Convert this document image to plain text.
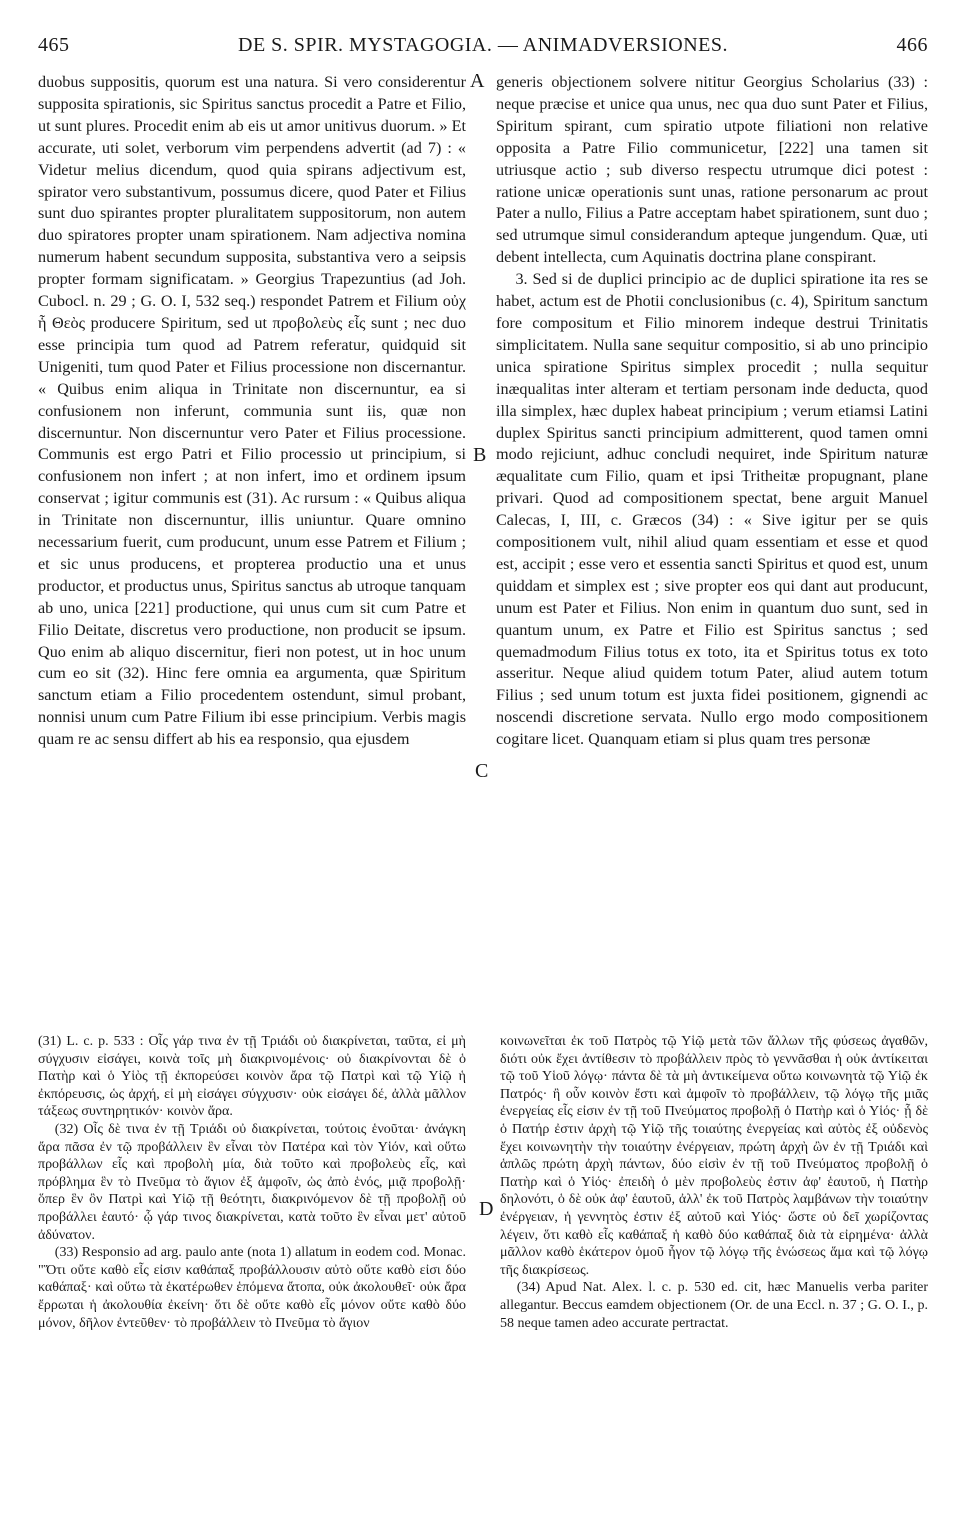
465	DE S. SPIR. MYSTAGOGIA. — ANIMADVERSIONES.	466

duobus suppositis, quorum est una natura. Si vero considerentur supposita spirationis, sic Spiritus sanctus procedit a Patre et Filio, ut sunt plures. Procedit enim ab eis ut amor unitivus duorum. » Et accurate, uti solet, verborum vim perpendens advertit (ad 7) : « Videtur melius dicendum, quod quia spirans adjectivum est, spirator vero substantivum, possumus dicere, quod Pater et Filius sunt duo spirantes propter pluralitatem suppositorum, non autem duo spiratores propter unam spirationem. Nam adjectiva nomina numerum habent secundum supposita, substantiva vero a seipsis propter formam significatam. » Georgius Trapezuntius (ad Joh. Cubocl. n. 29 ; G. O. I, 532 seq.) respondet Patrem et Filium οὐχ ἧ Θεὸς producere Spiritum, sed ut προβολεὺς εἷς sunt ; nec duo esse principia tum quod ad Patrem referatur, quidquid sit Unigeniti, tum quod Pater et Filius processione non discernantur. « Quibus enim aliqua in Trinitate non discernuntur, ea si confusionem non inferunt, communia sunt iis, quæ non discernuntur. Non discernuntur vero Pater et Filius processione. Communis est ergo Patri et Filio processio ut principium, si confusionem non infert ; at non infert, imo et ordinem ipsum conservat ; igitur communis est (31). Ac rursum : « Quibus aliqua in Trinitate non discernuntur, illis uniuntur. Quare omnino necessarium fuerit, cum producunt, unum esse Patrem et Filium ; et sic unus producens, et propterea productio una et unus productor, et productus unus, Spiritus sanctus ab utroque tanquam ab uno, unica [221] productione, qui unus cum sit cum Patre et Filio Deitate, discretus vero productione, non producit se ipsum. Quo enim ab aliquo discernitur, fieri non potest, ut in hoc unum cum eo sit (32). Hinc fere omnia ea argumenta, quæ Spiritum sanctum etiam a Filio procedentem ostendunt, simul probant, nonnisi unum cum Patre Filium ibi esse principium. Verbis magis quam re ac sensu differt ab his ea responsio, qua ejusdem

generis objectionem solvere nititur Georgius Scholarius (33) : neque præcise et unice qua unus, nec qua duo sunt Pater et Filius, Spiritum spirant, cum spiratio utpote filiationi non relative opposita a Patre Filio communicetur, [222] una tamen sit utriusque actio ; sub diverso respectu utrumque dici potest : ratione unicæ operationis sunt unas, ratione personarum ac prout Pater a nullo, Filius a Patre acceptam habet spirationem, sunt duo ; sed utrumque simul considerandum apteque jungendum. Quæ, uti debent intellecta, cum Aquinatis doctrina plane conspirant.

3. Sed si de duplici principio ac de duplici spiratione ita res se habet, actum est de Photii conclusionibus (c. 4), Spiritum sanctum fore compositum et Filio minorem indeque destrui Trinitatis simplicitatem. Nulla sane sequitur compositio, si ab uno principio unica spiratione Spiritus simplex procedit ; nulla sequitur inæqualitas inter alteram et tertiam personam inde deducta, quod illa simplex, hæc duplex habeat principium ; verum etiamsi Latini duplex Spiritus sancti principium admitterent, quod tamen omni modo rejiciunt, adhuc concludi nequiret, inde Spiritum naturæ æqualitate cum Filio, quam et ipsi Tritheitæ propugnant, plane privari. Quod ad compositionem spectat, bene arguit Manuel Calecas, I, III, c. Græcos (34) : « Sive igitur per se quis compositionem vult, nihil aliud quam essentiam et esse et quod est, accipit ; esse vero et essentia sancti Spiritus et quod est, unum quiddam et simplex est ; sive propter eos qui dant aut producunt, unum est Pater et Filius. Non enim in quantum duo sunt, sed in quantum unum, ex Patre et Filio est Spiritus sanctus ; sed quemadmodum Filius totus ex toto, ita et Spiritus totus ex toto asseritur. Neque aliud quidem totum Pater, aliud autem totum Filius ; sed unum totum est juxta fidei positionem, gignendi ac noscendi discretione servata. Nullo ergo modo compositionem cogitare licet. Quanquam etiam si plus quam tres personæ

A
B
C
D

(31) L. c. p. 533 : Οἷς γάρ τινα ἐν τῇ Τριάδι οὐ διακρίνεται, ταῦτα, εἰ μὴ σύγχυσιν εἰσάγει, κοινὰ τοῖς μὴ διακρινομένοις· οὐ διακρίνονται δὲ ὁ Πατὴρ καὶ ὁ Υἱὸς τῇ ἐκπορεύσει κοινὸν ἄρα τῷ Πατρὶ καὶ τῷ Υἱῷ ἡ ἐκπόρευσις, ὡς ἀρχή, εἰ μὴ εἰσάγει σύγχυσιν· οὐκ εἰσάγει δέ, ἀλλὰ μᾶλλον τάξεως συντηρητικόν· κοινὸν ἄρα.

(32) Οἷς δὲ τινα ἐν τῇ Τριάδι οὐ διακρίνεται, τούτοις ἑνοῦται· ἀνάγκη ἄρα πᾶσα ἐν τῷ προβάλλειν ἓν εἶναι τὸν Πατέρα καὶ τὸν Υἱόν, καὶ οὕτω προβάλλων εἷς καὶ προβολὴ μία, διὰ τοῦτο καὶ προβολεὺς εἷς, καὶ πρόβλημα ἓν τὸ Πνεῦμα τὸ ἅγιον ἐξ ἀμφοῖν, ὡς ἀπὸ ἑνός, μιᾷ προβολῇ· ὅπερ ἓν ὂν Πατρὶ καὶ Υἱῷ τῇ θεότητι, διακρινόμενον δὲ τῇ προβολῇ οὐ προβάλλει ἑαυτό· ᾧ γάρ τινος διακρίνεται, κατὰ τοῦτο ἓν εἶναι μετ' αὐτοῦ ἀδύνατον.

(33) Responsio ad arg. paulo ante (nota 1) allatum in eodem cod. Monac. "Ὅτι οὔτε καθὸ εἷς εἰσιν καθάπαξ προβάλλουσιν αὐτὸ οὔτε καθὸ εἰσι δύο καθάπαξ· καὶ οὕτω τὰ ἑκατέρωθεν ἑπόμενα ἄτοπα, οὐκ ἀκολουθεῖ· οὐκ ἄρα ἔρρωται ἡ ἀκολουθία ἐκείνη· ὅτι δὲ οὔτε καθὸ εἷς μόνον οὔτε καθὸ δύο μόνον, δῆλον ἐντεῦθεν· τὸ προβάλλειν τὸ Πνεῦμα τὸ ἅγιον

κοινωνεῖται ἐκ τοῦ Πατρὸς τῷ Υἱῷ μετὰ τῶν ἄλλων τῆς φύσεως ἀγαθῶν, διότι οὐκ ἔχει ἀντίθεσιν τὸ προβάλλειν πρὸς τὸ γεννᾶσθαι ἡ οὐκ ἀντίκειται τῷ τοῦ Υἱοῦ λόγῳ· πάντα δὲ τὰ μὴ ἀντικείμενα οὕτω κοινωνητὰ τῷ Υἱῷ ἐκ Πατρός· ἢ οὖν κοινὸν ἔστι καὶ ἀμφοῖν τὸ προβάλλειν, τῷ λόγῳ τῆς μιᾶς ἐνεργείας εἷς εἰσιν ἐν τῇ τοῦ Πνεύματος προβολῇ ὁ Πατὴρ καὶ ὁ Υἱός· ᾗ δὲ ὁ Πατήρ ἐστιν ἀρχὴ τῷ Υἱῷ τῆς τοιαύτης ἐνεργείας καὶ αὐτὸς ἐξ οὐδενὸς ἔχει κοινωνητὴν τὴν τοιαύτην ἐνέργειαν, πρώτη ἀρχὴ ὢν ἐν τῇ Τριάδι καὶ ἁπλῶς πρώτη ἀρχὴ πάντων, δύο εἰσὶν ἐν τῇ τοῦ Πνεύματος προβολῇ ὁ Πατὴρ καὶ ὁ Υἱός· ἐπειδὴ ὁ μὲν προβολεὺς ἐστιν ἀφ' ἑαυτοῦ, ἡ Πατὴρ δηλονότι, ὁ δὲ οὐκ ἀφ' ἑαυτοῦ, ἀλλ' ἐκ τοῦ Πατρὸς λαμβάνων τὴν τοιαύτην ἐνέργειαν, ἡ γεννητὸς ἐστιν ἐξ αὐτοῦ καὶ Υἱός· ὥστε οὐ δεῖ χωρίζοντας λέγειν, ὅτι καθὸ εἷς καθάπαξ ἡ καθὸ δύο καθάπαξ διὰ τὰ εἰρημένα· ἀλλὰ μᾶλλον καθὸ ἑκάτερον ὁμοῦ ἦγον τῷ λόγῳ τῆς ἑνώσεως ἅμα καὶ τῷ λόγῳ τῆς διακρίσεως.

(34) Apud Nat. Alex. l. c. p. 530 ed. cit, hæc Manuelis verba pariter allegantur. Beccus eamdem objectionem (Or. de una Eccl. n. 37 ; G. O. I., p. 58 neque tamen adeo accurate pertractat.
